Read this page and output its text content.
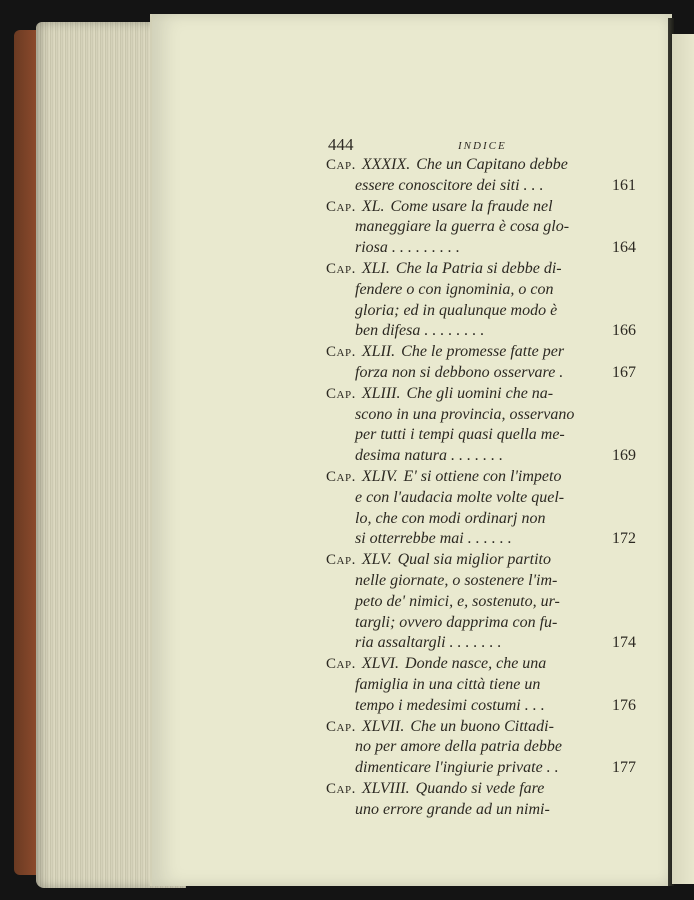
444	INDICE
Cap. XXXIX. Che un Capitano debbe
essere conoscitore dei siti . . .	161
Cap. XL. Come usare la fraude nel
maneggiare la guerra è cosa glo-
riosa . . . . . . . . .	164
Cap. XLI. Che la Patria si debbe di-
fendere o con ignominia, o con
gloria; ed in qualunque modo è
ben difesa . . . . . . . .	166
Cap. XLII. Che le promesse fatte per
forza non si debbono osservare .	167
Cap. XLIII. Che gli uomini che na-
scono in una provincia, osservano
per tutti i tempi quasi quella me-
desima natura . . . . . . .	169
Cap. XLIV. E' si ottiene con l'impeto
e con l'audacia molte volte quel-
lo, che con modi ordinarj non
si otterrebbe mai . . . . . .	172
Cap. XLV. Qual sia miglior partito
nelle giornate, o sostenere l'im-
peto de' nimici, e, sostenuto, ur-
targli; ovvero dapprima con fu-
ria assaltargli . . . . . . .	174
Cap. XLVI. Donde nasce, che una
famiglia in una città tiene un
tempo i medesimi costumi . . .	176
Cap. XLVII. Che un buono Cittadi-
no per amore della patria debbe
dimenticare l'ingiurie private . .	177
Cap. XLVIII. Quando si vede fare
uno errore grande ad un nimi-
